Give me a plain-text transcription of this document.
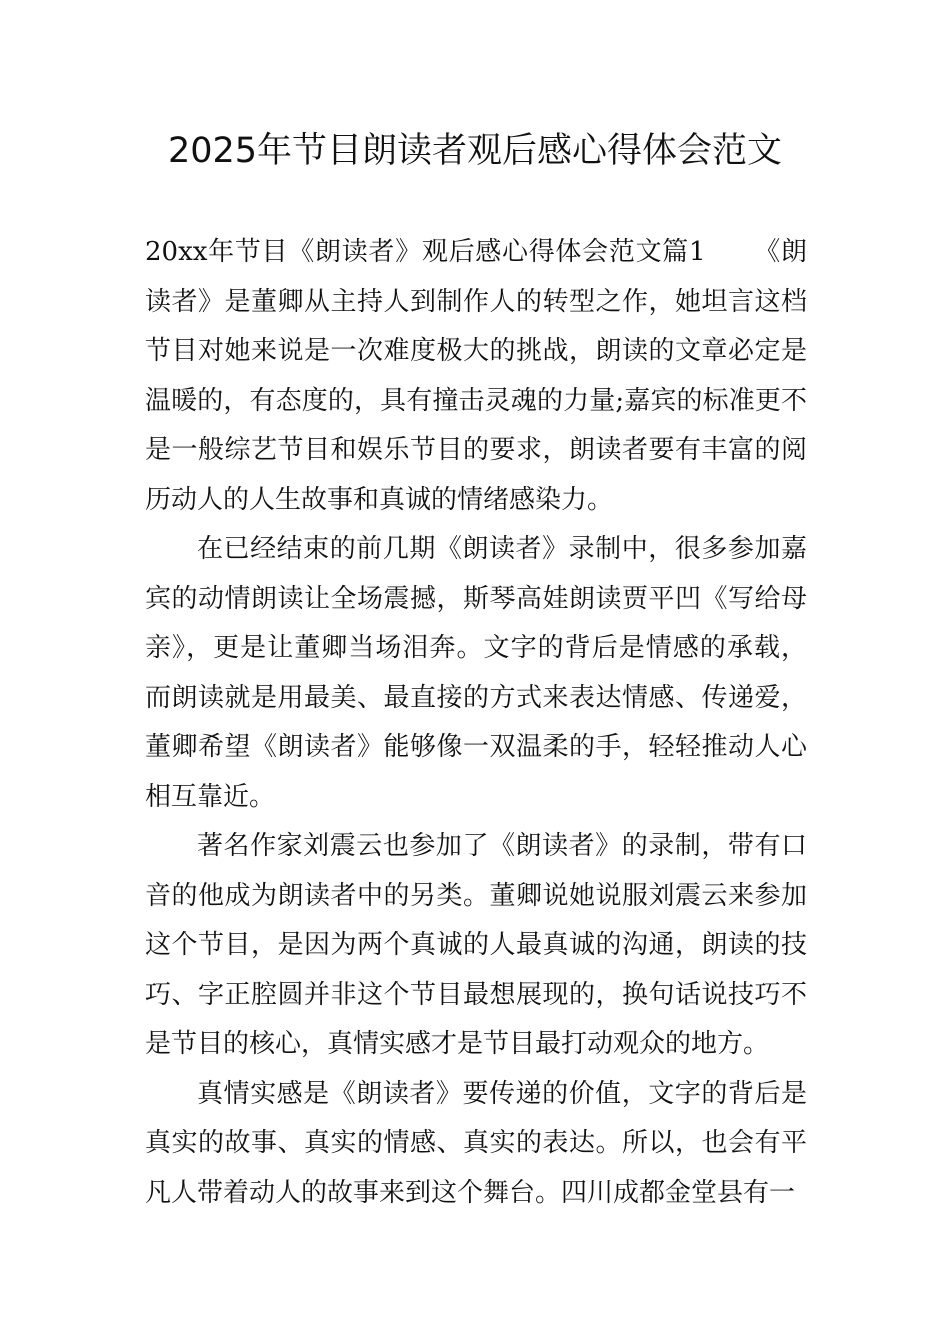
2025年节目朗读者观后感心得体会范文

20xx年节目《朗读者》观后感心得体会范文篇1 《朗读者》是董卿从主持人到制作人的转型之作，她坦言这档节目对她来说是一次难度极大的挑战，朗读的文章必定是温暖的，有态度的，具有撞击灵魂的力量;嘉宾的标准更不是一般综艺节目和娱乐节目的要求，朗读者要有丰富的阅历动人的人生故事和真诚的情绪感染力。

在已经结束的前几期《朗读者》录制中，很多参加嘉宾的动情朗读让全场震撼，斯琴高娃朗读贾平凹《写给母亲》，更是让董卿当场泪奔。文字的背后是情感的承载，而朗读就是用最美、最直接的方式来表达情感、传递爱，董卿希望《朗读者》能够像一双温柔的手，轻轻推动人心相互靠近。

著名作家刘震云也参加了《朗读者》的录制，带有口音的他成为朗读者中的另类。董卿说她说服刘震云来参加这个节目，是因为两个真诚的人最真诚的沟通，朗读的技巧、字正腔圆并非这个节目最想展现的，换句话说技巧不是节目的核心，真情实感才是节目最打动观众的地方。

真情实感是《朗读者》要传递的价值，文字的背后是真实的故事、真实的情感、真实的表达。所以，也会有平凡人带着动人的故事来到这个舞台。四川成都金堂县有一
